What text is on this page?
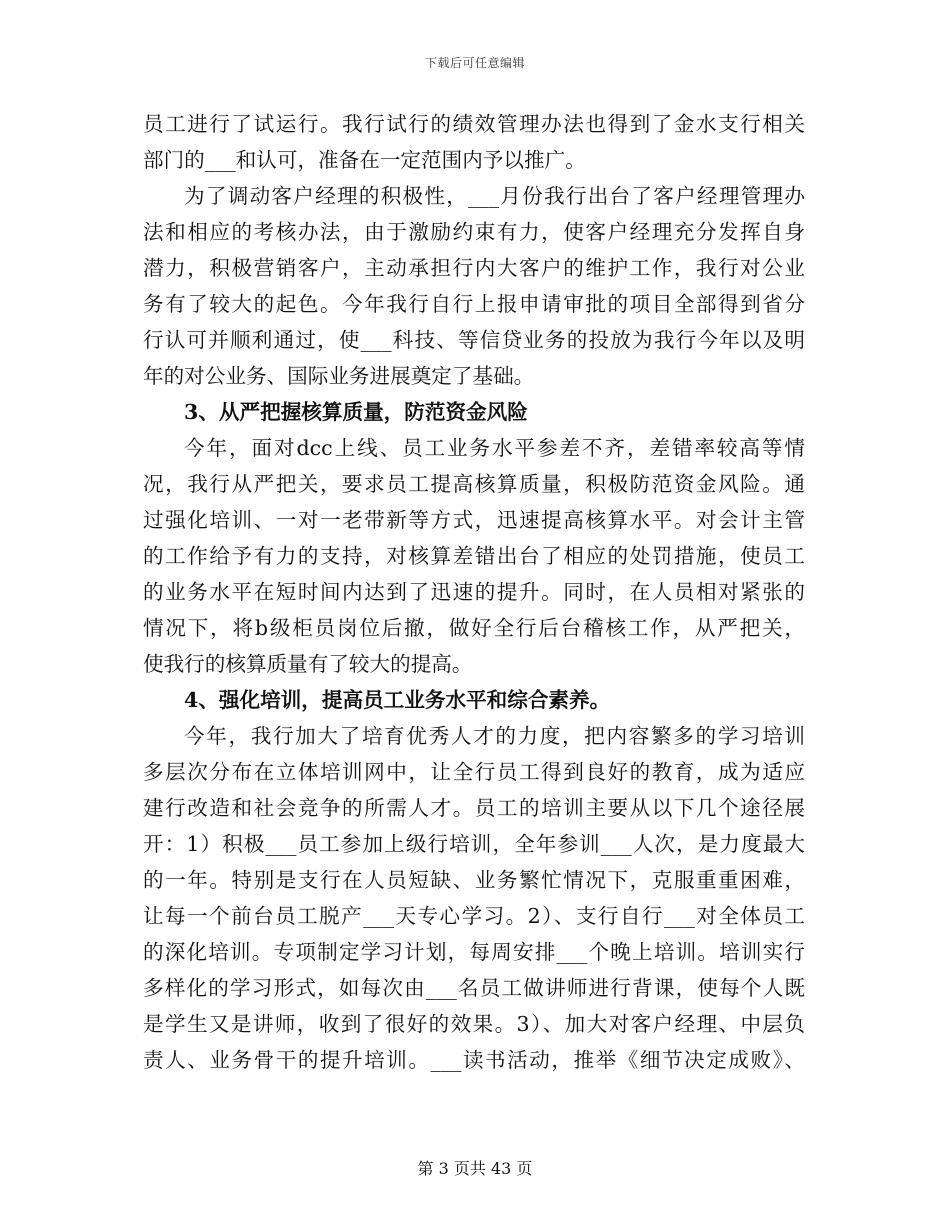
下载后可任意编辑
员工进行了试运行。我行试行的绩效管理办法也得到了金水支行相关
部门的___和认可，准备在一定范围内予以推广。
为了调动客户经理的积极性，___月份我行出台了客户经理管理办
法和相应的考核办法，由于激励约束有力，使客户经理充分发挥自身
潜力，积极营销客户，主动承担行内大客户的维护工作，我行对公业
务有了较大的起色。今年我行自行上报申请审批的项目全部得到省分
行认可并顺利通过，使___科技、等信贷业务的投放为我行今年以及明
年的对公业务、国际业务进展奠定了基础。
3、从严把握核算质量，防范资金风险
今年，面对dcc上线、员工业务水平参差不齐，差错率较高等情
况，我行从严把关，要求员工提高核算质量，积极防范资金风险。通
过强化培训、一对一老带新等方式，迅速提高核算水平。对会计主管
的工作给予有力的支持，对核算差错出台了相应的处罚措施，使员工
的业务水平在短时间内达到了迅速的提升。同时，在人员相对紧张的
情况下，将b级柜员岗位后撤，做好全行后台稽核工作，从严把关，
使我行的核算质量有了较大的提高。
4、强化培训，提高员工业务水平和综合素养。
今年，我行加大了培育优秀人才的力度，把内容繁多的学习培训
多层次分布在立体培训网中，让全行员工得到良好的教育，成为适应
建行改造和社会竞争的所需人才。员工的培训主要从以下几个途径展
开：1）积极___员工参加上级行培训，全年参训___人次，是力度最大
的一年。特别是支行在人员短缺、业务繁忙情况下，克服重重困难，
让每一个前台员工脱产___天专心学习。2）、支行自行___对全体员工
的深化培训。专项制定学习计划，每周安排___个晚上培训。培训实行
多样化的学习形式，如每次由___名员工做讲师进行背课，使每个人既
是学生又是讲师，收到了很好的效果。3）、加大对客户经理、中层负
责人、业务骨干的提升培训。___读书活动，推举《细节决定成败》、
第 3 页共 43 页
